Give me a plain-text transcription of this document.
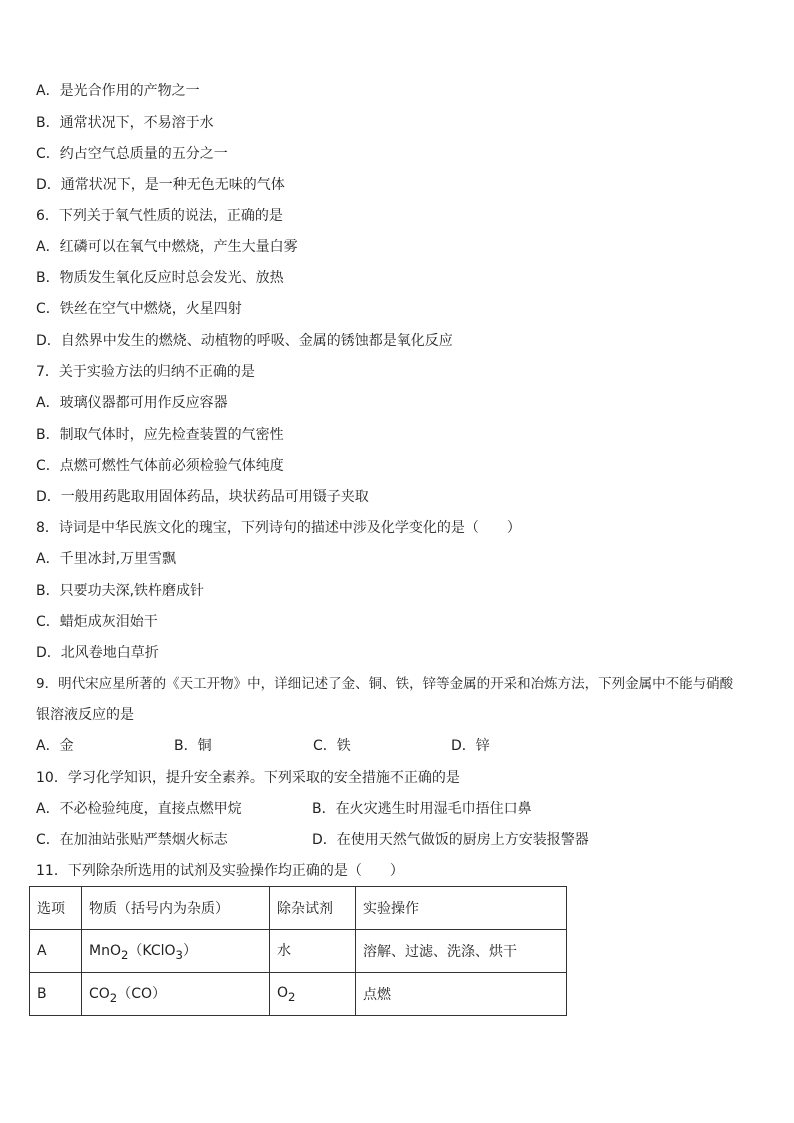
A．是光合作用的产物之一
B．通常状况下，不易溶于水
C．约占空气总质量的五分之一
D．通常状况下，是一种无色无味的气体
6．下列关于氧气性质的说法，正确的是
A．红磷可以在氧气中燃烧，产生大量白雾
B．物质发生氧化反应时总会发光、放热
C．铁丝在空气中燃烧，火星四射
D．自然界中发生的燃烧、动植物的呼吸、金属的锈蚀都是氧化反应
7．关于实验方法的归纳不正确的是
A．玻璃仪器都可用作反应容器
B．制取气体时，应先检查装置的气密性
C．点燃可燃性气体前必须检验气体纯度
D．一般用药匙取用固体药品，块状药品可用镊子夹取
8．诗词是中华民族文化的瑰宝，下列诗句的描述中涉及化学变化的是（　　）
A．千里冰封,万里雪飘
B．只要功夫深,铁杵磨成针
C．蜡炬成灰泪始干
D．北风卷地白草折
9．明代宋应星所著的《天工开物》中，详细记述了金、铜、铁，锌等金属的开采和冶炼方法，下列金属中不能与硝酸
银溶液反应的是
A．金	B．铜	C．铁	D．锌
10．学习化学知识，提升安全素养。下列采取的安全措施不正确的是
A．不必检验纯度，直接点燃甲烷	B．在火灾逃生时用湿毛巾捂住口鼻
C．在加油站张贴严禁烟火标志	D．在使用天然气做饭的厨房上方安装报警器
11．下列除杂所选用的试剂及实验操作均正确的是（　　）
选项	物质（括号内为杂质）	除杂试剂	实验操作
A	MnO$_2$（KClO$_3$）	水	溶解、过滤、洗涤、烘干
B	$CO_2(CO)$	$O_2$	点燃
